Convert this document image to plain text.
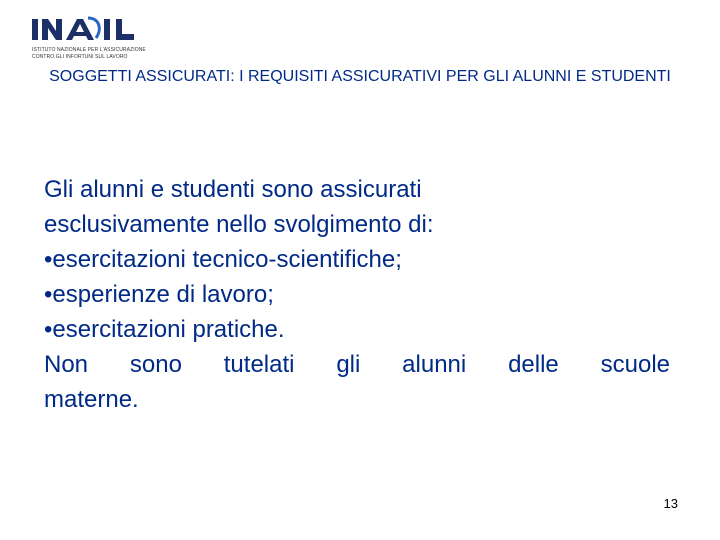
ISTITUTO NAZIONALE PER L'ASSICURAZIONE
CONTRO GLI INFORTUNI SUL LAVORO
SOGGETTI ASSICURATI: I REQUISITI ASSICURATIVI PER GLI ALUNNI E STUDENTI
Gli alunni e studenti sono assicurati
esclusivamente nello svolgimento di:
•esercitazioni tecnico-scientifiche;
•esperienze di lavoro;
•esercitazioni pratiche.
Non sono tutelati gli alunni delle scuole
materne.
13
